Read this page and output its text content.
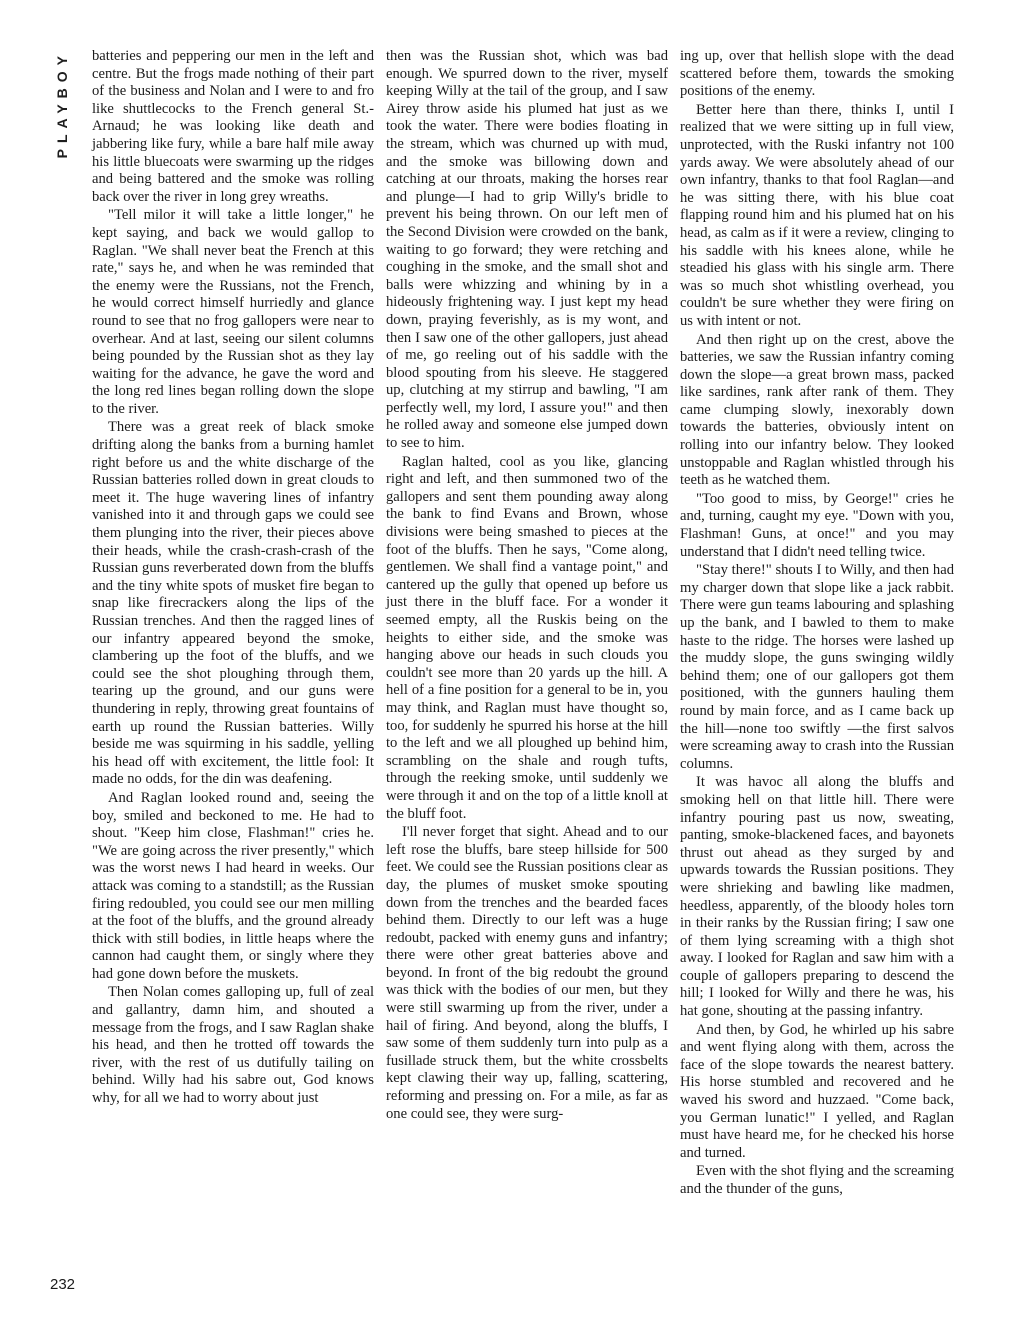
PLAYBOY	batteries and peppering our men in the left and centre. But the frogs made nothing of their part of the business and Nolan and I were to and fro like shuttlecocks to the French general St.-Arnaud; he was looking like death and jabbering like fury, while a bare half mile away his little bluecoats were swarming up the ridges and being battered and the smoke was rolling back over the river in long grey wreaths.

"Tell milor it will take a little longer," he kept saying, and back we would gallop to Raglan. "We shall never beat the French at this rate," says he, and when he was reminded that the enemy were the Russians, not the French, he would correct himself hurriedly and glance round to see that no frog gallopers were near to overhear. And at last, seeing our silent columns being pounded by the Russian shot as they lay waiting for the advance, he gave the word and the long red lines began rolling down the slope to the river.

There was a great reek of black smoke drifting along the banks from a burning hamlet right before us and the white discharge of the Russian batteries rolled down in great clouds to meet it. The huge wavering lines of infantry vanished into it and through gaps we could see them plunging into the river, their pieces above their heads, while the crash-crash-crash of the Russian guns reverberated down from the bluffs and the tiny white spots of musket fire began to snap like firecrackers along the lips of the Russian trenches. And then the ragged lines of our infantry appeared beyond the smoke, clambering up the foot of the bluffs, and we could see the shot ploughing through them, tearing up the ground, and our guns were thundering in reply, throwing great fountains of earth up round the Russian batteries. Willy beside me was squirming in his saddle, yelling his head off with excitement, the little fool: It made no odds, for the din was deafening.

And Raglan looked round and, seeing the boy, smiled and beckoned to me. He had to shout. "Keep him close, Flashman!" cries he. "We are going across the river presently," which was the worst news I had heard in weeks. Our attack was coming to a standstill; as the Russian firing redoubled, you could see our men milling at the foot of the bluffs, and the ground already thick with still bodies, in little heaps where the cannon had caught them, or singly where they had gone down before the muskets.

Then Nolan comes galloping up, full of zeal and gallantry, damn him, and shouted a message from the frogs, and I saw Raglan shake his head, and then he trotted off towards the river, with the rest of us dutifully tailing on behind. Willy had his sabre out, God knows why, for all we had to worry about just

then was the Russian shot, which was bad enough. We spurred down to the river, myself keeping Willy at the tail of the group, and I saw Airey throw aside his plumed hat just as we took the water. There were bodies floating in the stream, which was churned up with mud, and the smoke was billowing down and catching at our throats, making the horses rear and plunge—I had to grip Willy's bridle to prevent his being thrown. On our left men of the Second Division were crowded on the bank, waiting to go forward; they were retching and coughing in the smoke, and the small shot and balls were whizzing and whining by in a hideously frightening way. I just kept my head down, praying feverishly, as is my wont, and then I saw one of the other gallopers, just ahead of me, go reeling out of his saddle with the blood spouting from his sleeve. He staggered up, clutching at my stirrup and bawling, "I am perfectly well, my lord, I assure you!" and then he rolled away and someone else jumped down to see to him.

Raglan halted, cool as you like, glancing right and left, and then summoned two of the gallopers and sent them pounding away along the bank to find Evans and Brown, whose divisions were being smashed to pieces at the foot of the bluffs. Then he says, "Come along, gentlemen. We shall find a vantage point," and cantered up the gully that opened up before us just there in the bluff face. For a wonder it seemed empty, all the Ruskis being on the heights to either side, and the smoke was hanging above our heads in such clouds you couldn't see more than 20 yards up the hill. A hell of a fine position for a general to be in, you may think, and Raglan must have thought so, too, for suddenly he spurred his horse at the hill to the left and we all ploughed up behind him, scrambling on the shale and rough tufts, through the reeking smoke, until suddenly we were through it and on the top of a little knoll at the bluff foot.

I'll never forget that sight. Ahead and to our left rose the bluffs, bare steep hillside for 500 feet. We could see the Russian positions clear as day, the plumes of musket smoke spouting down from the trenches and the bearded faces behind them. Directly to our left was a huge redoubt, packed with enemy guns and infantry; there were other great batteries above and beyond. In front of the big redoubt the ground was thick with the bodies of our men, but they were still swarming up from the river, under a hail of firing. And beyond, along the bluffs, I saw some of them suddenly turn into pulp as a fusillade struck them, but the white crossbelts kept clawing their way up, falling, scattering, reforming and pressing on. For a mile, as far as one could see, they were surg-

ing up, over that hellish slope with the dead scattered before them, towards the smoking positions of the enemy.

Better here than there, thinks I, until I realized that we were sitting up in full view, unprotected, with the Ruski infantry not 100 yards away. We were absolutely ahead of our own infantry, thanks to that fool Raglan—and he was sitting there, with his blue coat flapping round him and his plumed hat on his head, as calm as if it were a review, clinging to his saddle with his knees alone, while he steadied his glass with his single arm. There was so much shot whistling overhead, you couldn't be sure whether they were firing on us with intent or not.

And then right up on the crest, above the batteries, we saw the Russian infantry coming down the slope—a great brown mass, packed like sardines, rank after rank of them. They came clumping slowly, inexorably down towards the batteries, obviously intent on rolling into our infantry below. They looked unstoppable and Raglan whistled through his teeth as he watched them.

"Too good to miss, by George!" cries he and, turning, caught my eye. "Down with you, Flashman! Guns, at once!" and you may understand that I didn't need telling twice.

"Stay there!" shouts I to Willy, and then had my charger down that slope like a jack rabbit. There were gun teams labouring and splashing up the bank, and I bawled to them to make haste to the ridge. The horses were lashed up the muddy slope, the guns swinging wildly behind them; one of our gallopers got them positioned, with the gunners hauling them round by main force, and as I came back up the hill—none too swiftly —the first salvos were screaming away to crash into the Russian columns.

It was havoc all along the bluffs and smoking hell on that little hill. There were infantry pouring past us now, sweating, panting, smoke-blackened faces, and bayonets thrust out ahead as they surged by and upwards towards the Russian positions. They were shrieking and bawling like madmen, heedless, apparently, of the bloody holes torn in their ranks by the Russian firing; I saw one of them lying screaming with a thigh shot away. I looked for Raglan and saw him with a couple of gallopers preparing to descend the hill; I looked for Willy and there he was, his hat gone, shouting at the passing infantry.

And then, by God, he whirled up his sabre and went flying along with them, across the face of the slope towards the nearest battery. His horse stumbled and recovered and he waved his sword and huzzaed. "Come back, you German lunatic!" I yelled, and Raglan must have heard me, for he checked his horse and turned.

Even with the shot flying and the screaming and the thunder of the guns,

232
